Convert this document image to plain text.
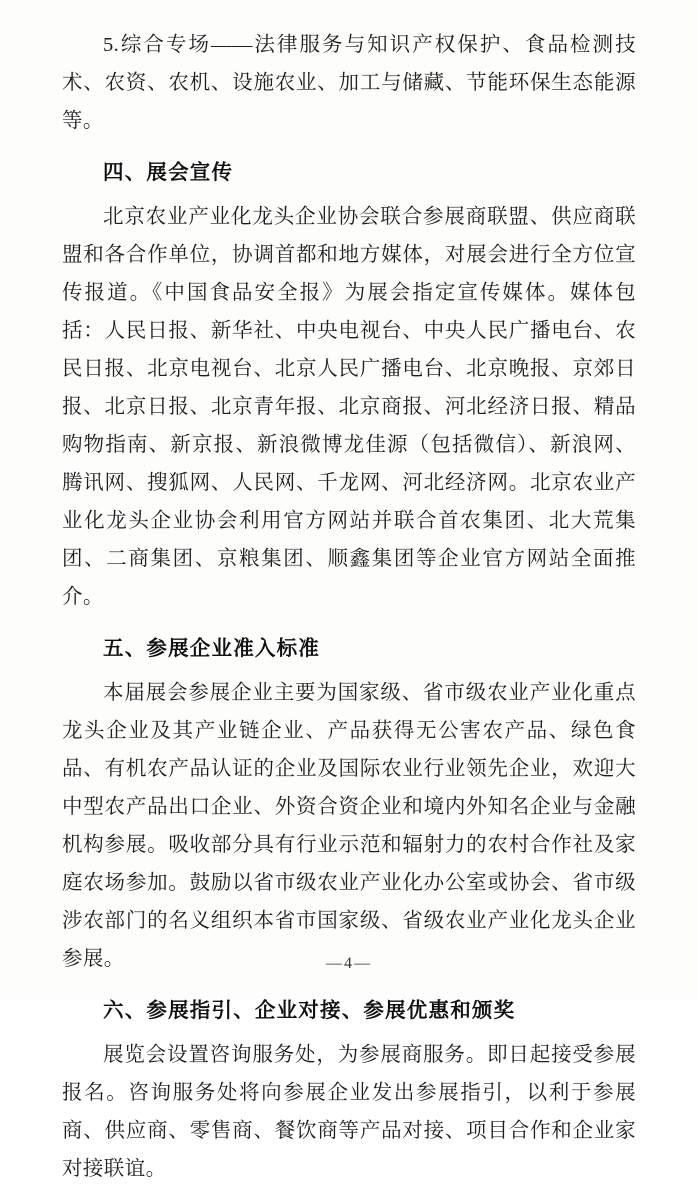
5.综合专场——法律服务与知识产权保护、食品检测技术、农资、农机、设施农业、加工与储藏、节能环保生态能源等。

四、展会宣传

北京农业产业化龙头企业协会联合参展商联盟、供应商联盟和各合作单位，协调首都和地方媒体，对展会进行全方位宣传报道。《中国食品安全报》为展会指定宣传媒体。媒体包括：人民日报、新华社、中央电视台、中央人民广播电台、农民日报、北京电视台、北京人民广播电台、北京晚报、京郊日报、北京日报、北京青年报、北京商报、河北经济日报、精品购物指南、新京报、新浪微博龙佳源（包括微信）、新浪网、腾讯网、搜狐网、人民网、千龙网、河北经济网。北京农业产业化龙头企业协会利用官方网站并联合首农集团、北大荒集团、二商集团、京粮集团、顺鑫集团等企业官方网站全面推介。

五、参展企业准入标准

本届展会参展企业主要为国家级、省市级农业产业化重点龙头企业及其产业链企业、产品获得无公害农产品、绿色食品、有机农产品认证的企业及国际农业行业领先企业，欢迎大中型农产品出口企业、外资合资企业和境内外知名企业与金融机构参展。吸收部分具有行业示范和辐射力的农村合作社及家庭农场参加。鼓励以省市级农业产业化办公室或协会、省市级涉农部门的名义组织本省市国家级、省级农业产业化龙头企业参展。

六、参展指引、企业对接、参展优惠和颁奖

展览会设置咨询服务处，为参展商服务。即日起接受参展报名。咨询服务处将向参展企业发出参展指引，以利于参展商、供应商、零售商、餐饮商等产品对接、项目合作和企业家对接联谊。

—4—
